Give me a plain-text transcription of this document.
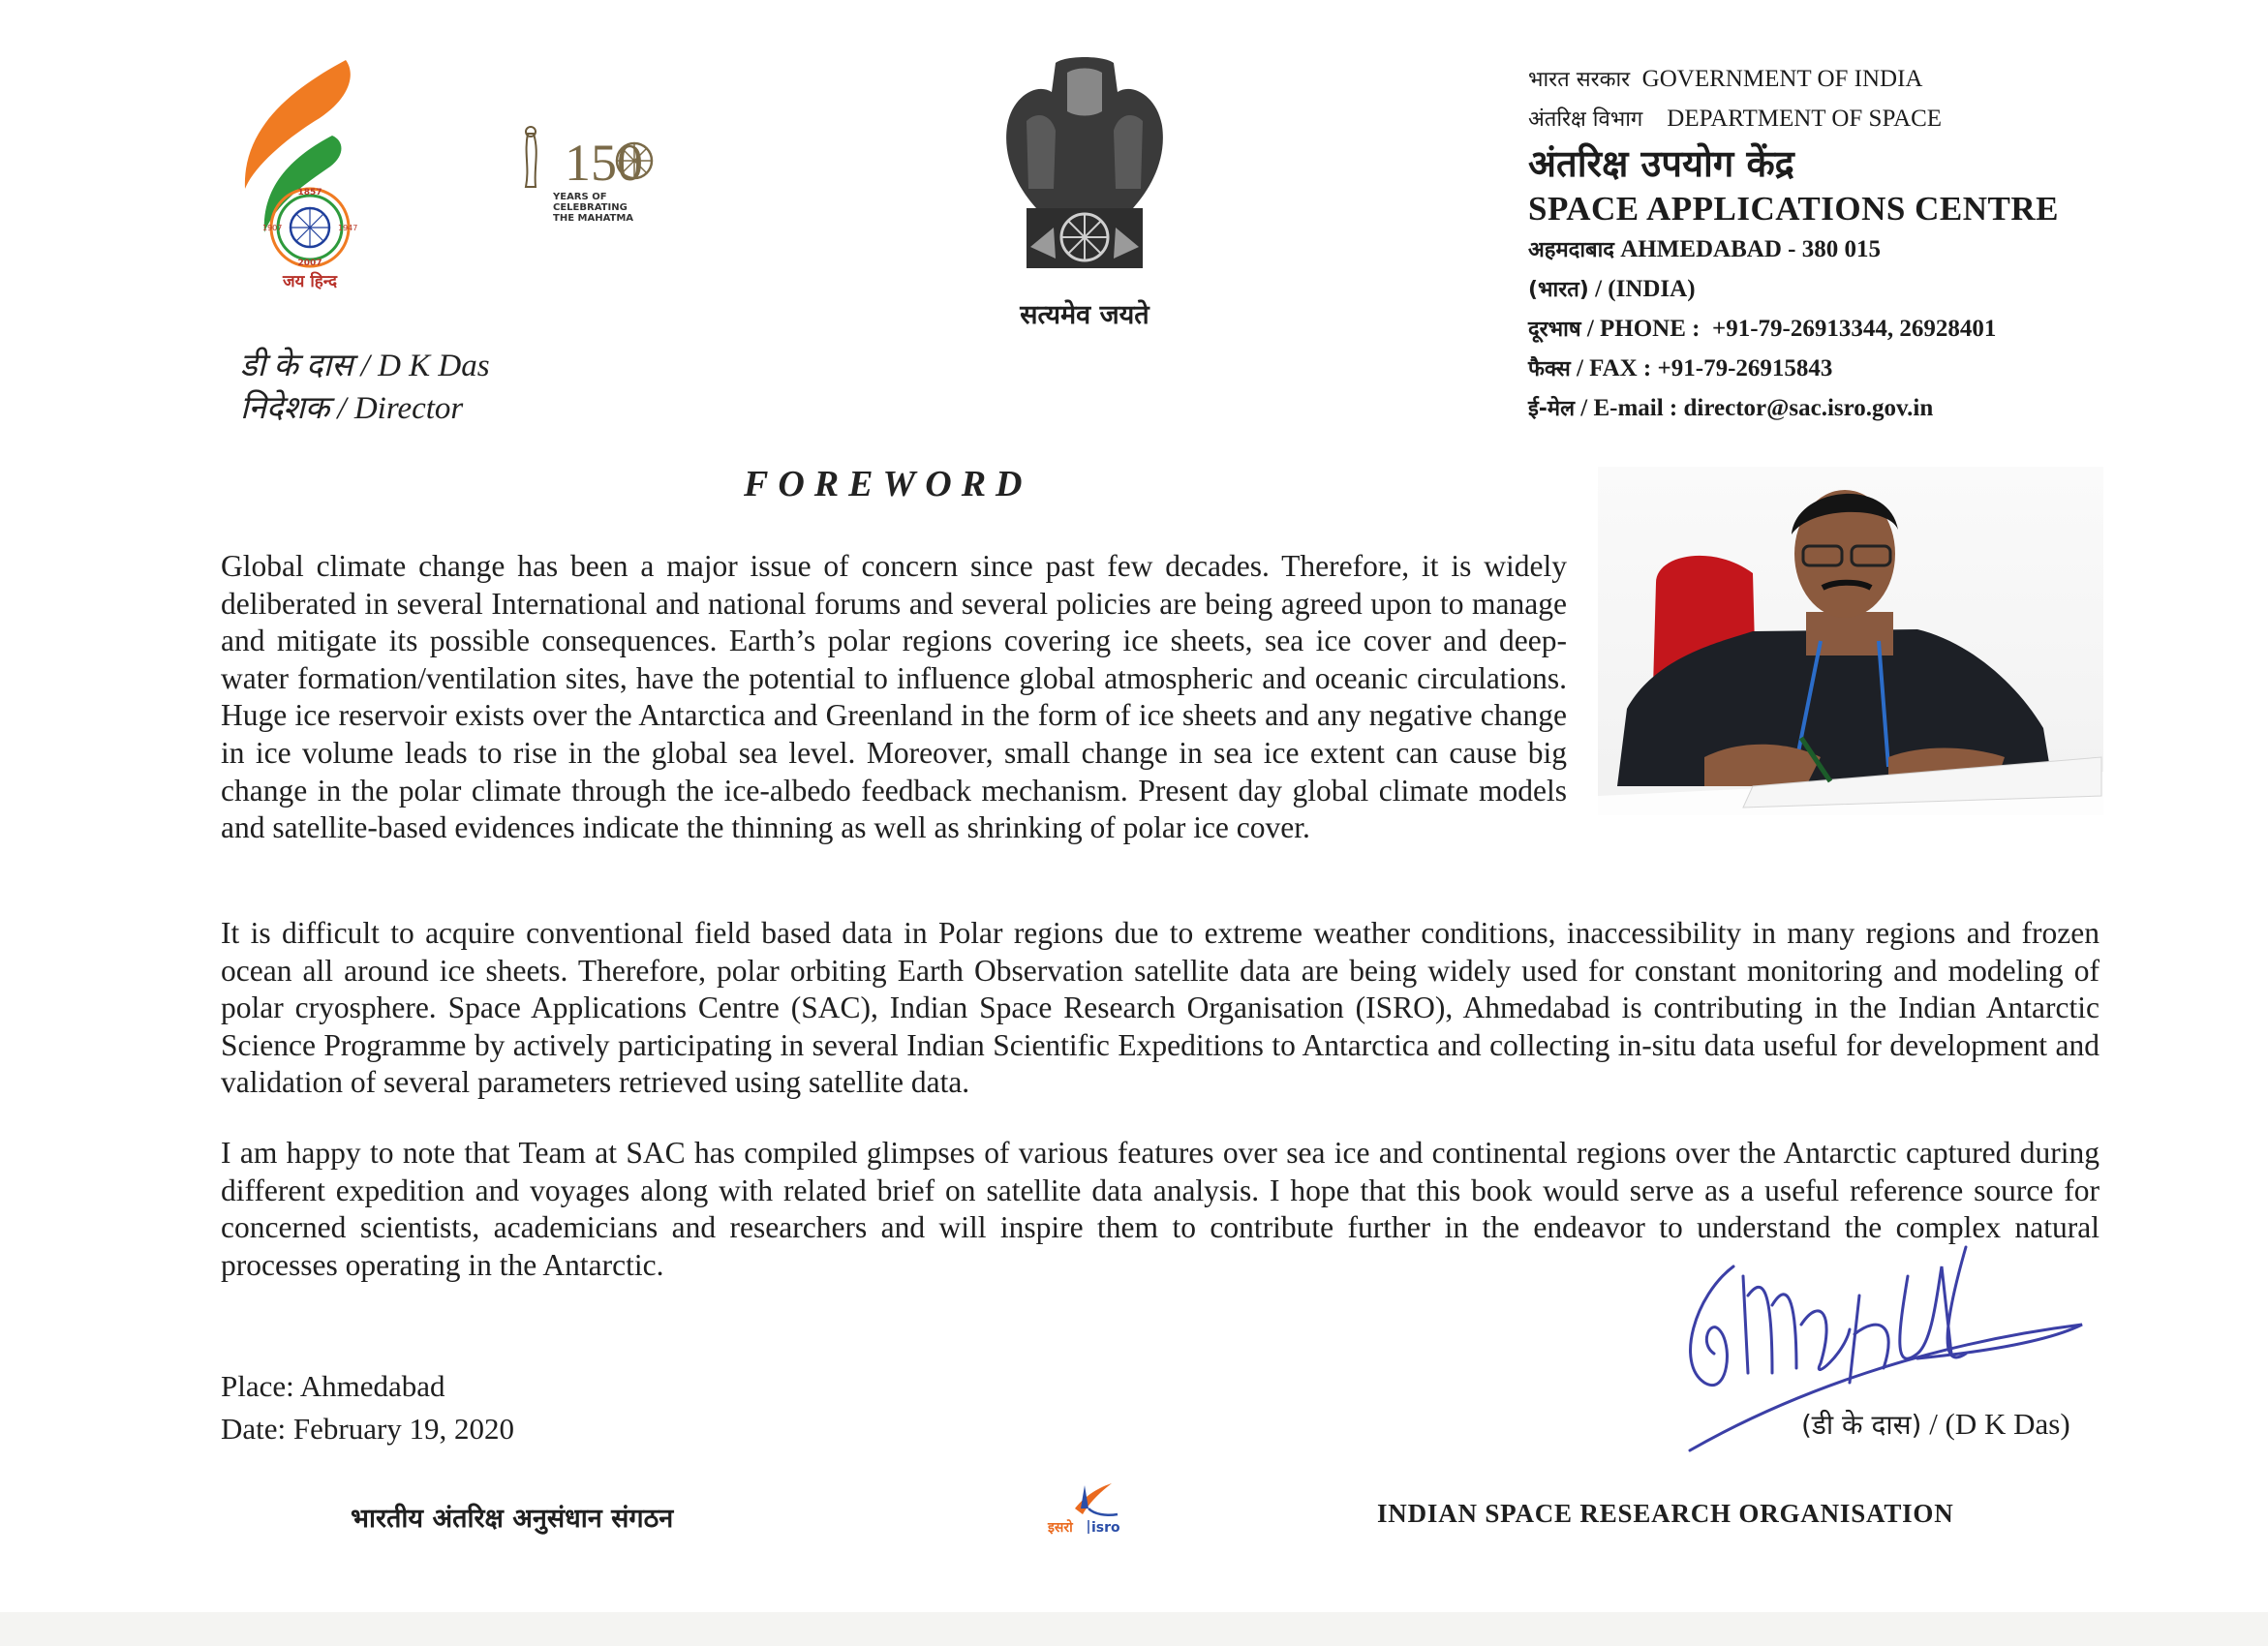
1857
1907	1947
2007
जय हिन्द
150
YEARS OF
CELEBRATING
THE MAHATMA
सत्यमेव जयते
डी के दास / D K Das
निदेशक / Director
भारत सरकार GOVERNMENT OF INDIA
अंतरिक्ष विभाग DEPARTMENT OF SPACE
अंतरिक्ष उपयोग केंद्र
SPACE APPLICATIONS CENTRE
अहमदाबाद AHMEDABAD - 380 015
(भारत) / (INDIA)
दूरभाष / PHONE : +91-79-26913344, 26928401
फैक्स / FAX : +91-79-26915843
ई-मेल / E-mail : director@sac.isro.gov.in
FOREWORD
Global climate change has been a major issue of concern since past few decades. Therefore, it is widely deliberated in several International and national forums and several policies are being agreed upon to manage and mitigate its possible consequences. Earth’s polar regions covering ice sheets, sea ice cover and deep-water formation/ventilation sites, have the potential to influence global atmospheric and oceanic circulations. Huge ice reservoir exists over the Antarctica and Greenland in the form of ice sheets and any negative change in ice volume leads to rise in the global sea level. Moreover, small change in sea ice extent can cause big change in the polar climate through the ice-albedo feedback mechanism. Present day global climate models and satellite-based evidences indicate the thinning as well as shrinking of polar ice cover.
It is difficult to acquire conventional field based data in Polar regions due to extreme weather conditions, inaccessibility in many regions and frozen ocean all around ice sheets. Therefore, polar orbiting Earth Observation satellite data are being widely used for constant monitoring and modeling of polar cryosphere. Space Applications Centre (SAC), Indian Space Research Organisation (ISRO), Ahmedabad is contributing in the Indian Antarctic Science Programme by actively participating in several Indian Scientific Expeditions to Antarctica and collecting in-situ data useful for development and validation of several parameters retrieved using satellite data.
I am happy to note that Team at SAC has compiled glimpses of various features over sea ice and continental regions over the Antarctic captured during different expedition and voyages along with related brief on satellite data analysis. I hope that this book would serve as a useful reference source for concerned scientists, academicians and researchers and will inspire them to contribute further in the endeavor to understand the complex natural processes operating in the Antarctic.
Place: Ahmedabad
Date: February 19, 2020	(डी के दास) / (D K Das)
भारतीय अंतरिक्ष अनुसंधान संगठन	इसरो isro	INDIAN SPACE RESEARCH ORGANISATION
